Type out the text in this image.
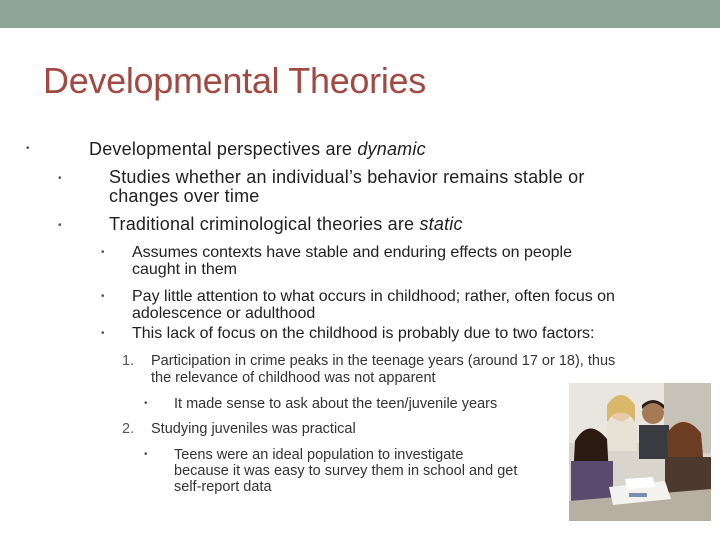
Developmental Theories
•	Developmental perspectives are dynamic
•	Studies whether an individual’s behavior remains stable or
changes over time
•	Traditional criminological theories are static
• Assumes contexts have stable and enduring effects on people
caught in them
• Pay little attention to what occurs in childhood; rather, often focus on
adolescence or adulthood
• This lack of focus on the childhood is probably due to two factors:
1. Participation in crime peaks in the teenage years (around 17 or 18), thus
the relevance of childhood was not apparent
• It made sense to ask about the teen/juvenile years
2. Studying juveniles was practical
• Teens were an ideal population to investigate
because it was easy to survey them in school and get
self-report data
